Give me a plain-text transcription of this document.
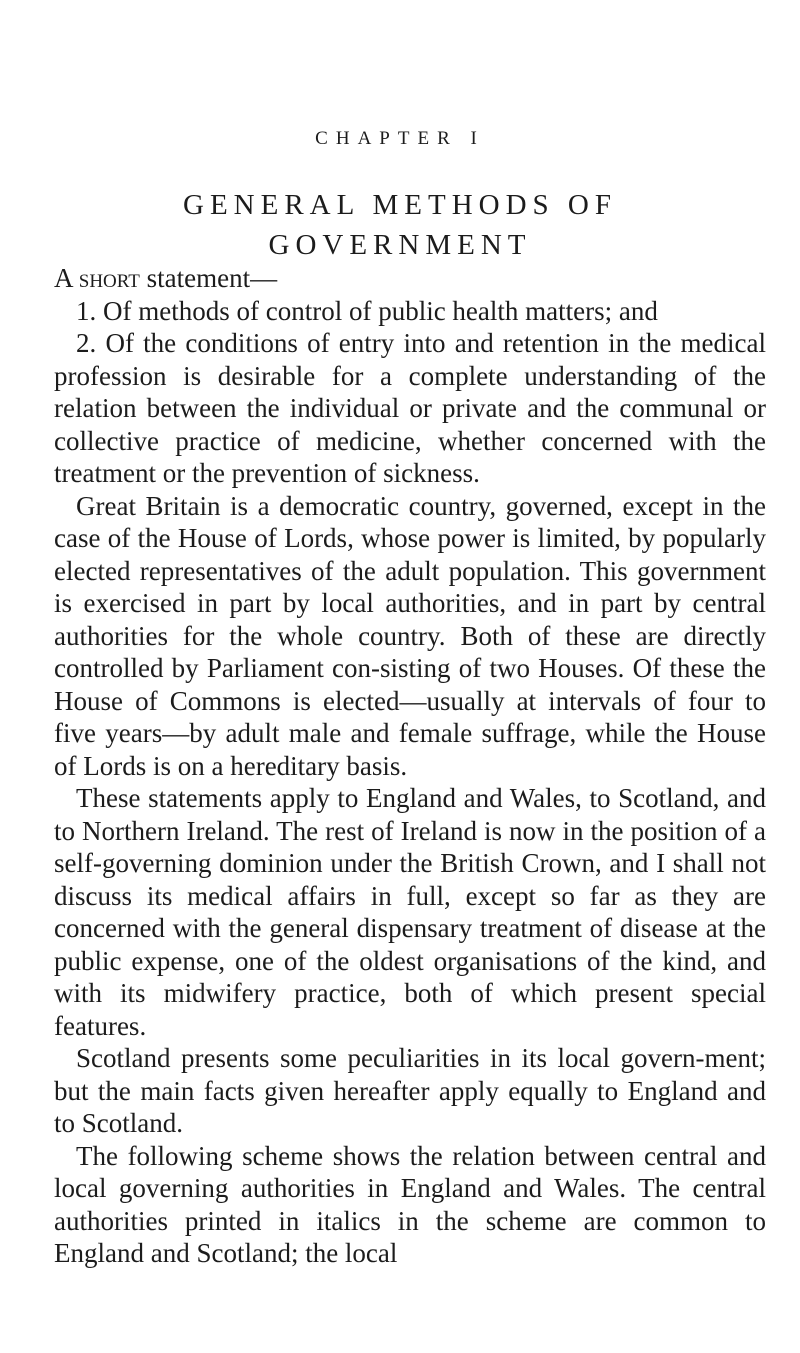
CHAPTER I
GENERAL METHODS OF
GOVERNMENT

A short statement—

1. Of methods of control of public health matters; and

2. Of the conditions of entry into and retention in the medical profession is desirable for a complete understanding of the relation between the individual or private and the communal or collective practice of medicine, whether concerned with the treatment or the prevention of sickness.

Great Britain is a democratic country, governed, except in the case of the House of Lords, whose power is limited, by popularly elected representatives of the adult population. This government is exercised in part by local authorities, and in part by central authorities for the whole country. Both of these are directly controlled by Parliament con-sisting of two Houses. Of these the House of Commons is elected—usually at intervals of four to five years—by adult male and female suffrage, while the House of Lords is on a hereditary basis.

These statements apply to England and Wales, to Scotland, and to Northern Ireland. The rest of Ireland is now in the position of a self-governing dominion under the British Crown, and I shall not discuss its medical affairs in full, except so far as they are concerned with the general dispensary treatment of disease at the public expense, one of the oldest organisations of the kind, and with its midwifery practice, both of which present special features.

Scotland presents some peculiarities in its local govern-ment; but the main facts given hereafter apply equally to England and to Scotland.

The following scheme shows the relation between central and local governing authorities in England and Wales. The central authorities printed in italics in the scheme are common to England and Scotland; the local
